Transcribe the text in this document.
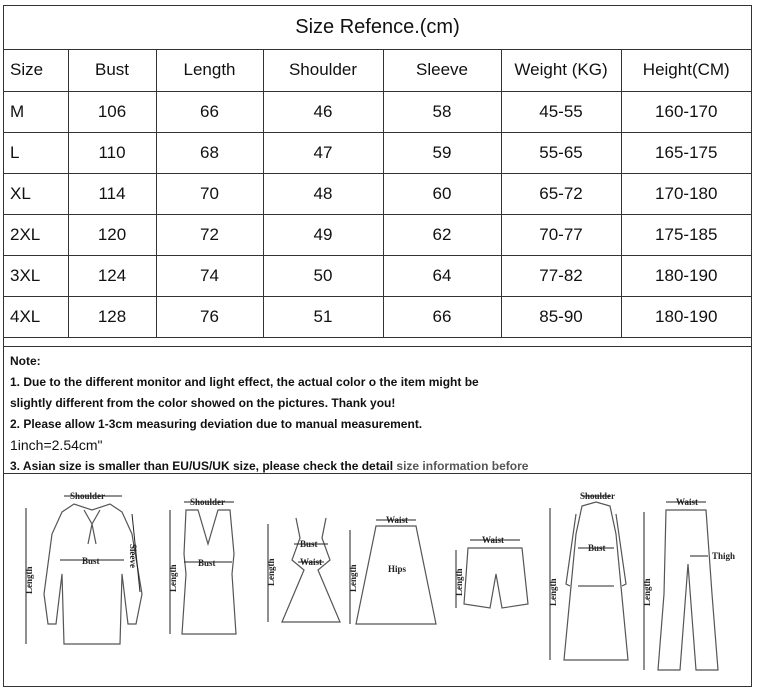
Size Refence.(cm)
Size	Bust	Length	Shoulder	Sleeve	Weight (KG)	Height(CM)
M	106	66	46	58	45-55	160-170
L	110	68	47	59	55-65	165-175
XL	114	70	48	60	65-72	170-180
2XL	120	72	49	62	70-77	175-185
3XL	124	74	50	64	77-82	180-190
4XL	128	76	51	66	85-90	180-190
Note:
1. Due to the different monitor and light effect, the actual color o the item might be
slightly different from the color showed on the pictures. Thank you!
2. Please allow 1-3cm measuring deviation due to manual measurement.
1inch=2.54cm"
3. Asian size is smaller than EU/US/UK size, please check the detail size information before
Shoulder
Bust
Length
Sleeve
Shoulder
Bust
Length
Bust
Waist
Length
Waist
Hips
Length
Waist
Length
Shoulder
Bust
Length
Waist
Thigh
Length
